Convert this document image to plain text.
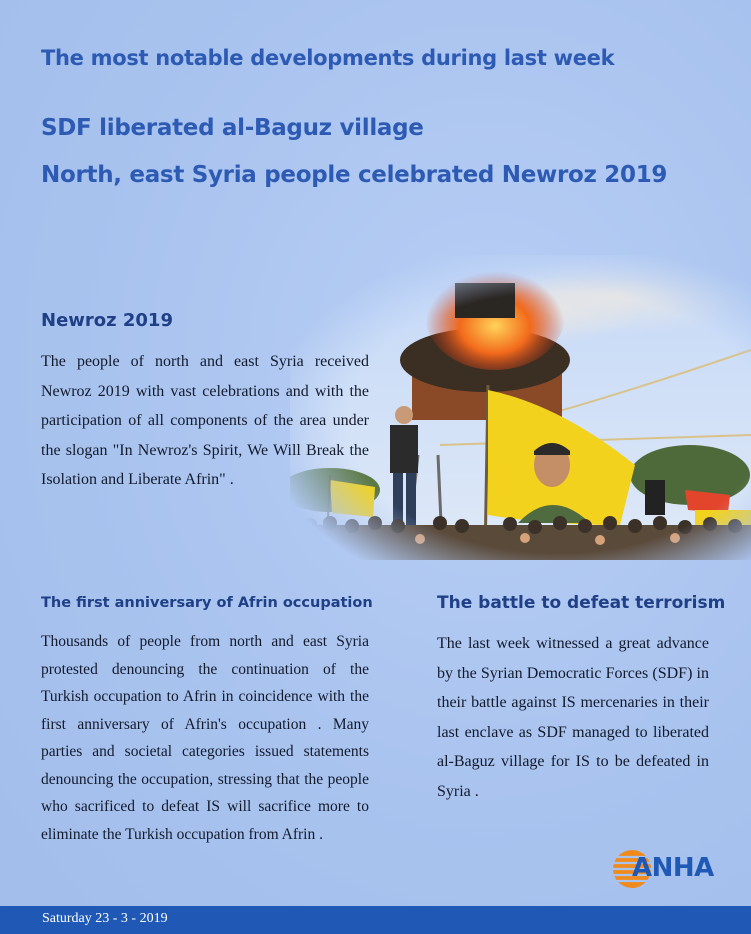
The most notable developments during last week
SDF liberated al-Baguz village
North, east Syria people celebrated Newroz 2019
Newroz 2019
The people of north and east Syria received Newroz 2019 with vast celebrations and with the participation of all components of the area under the slogan "In Newroz's Spirit, We Will Break the Isolation and Liberate Afrin" .
The first anniversary of Afrin occupation
Thousands of people from north and east Syria protested denouncing the continuation of the Turkish occupation to Afrin in coincidence with the first anniversary of Afrin's occupation . Many parties and societal categories issued statements denouncing the occupation, stressing that the people who sacrificed to defeat IS will sacrifice more to eliminate the Turkish occupation from Afrin .
The battle to defeat terrorism
The last week witnessed a great advance by the Syrian Democratic Forces (SDF) in their battle against IS mercenaries in their last enclave as SDF managed to liberated al-Baguz village for IS to be defeated in Syria .
ANHA
Saturday 23 - 3 - 2019
